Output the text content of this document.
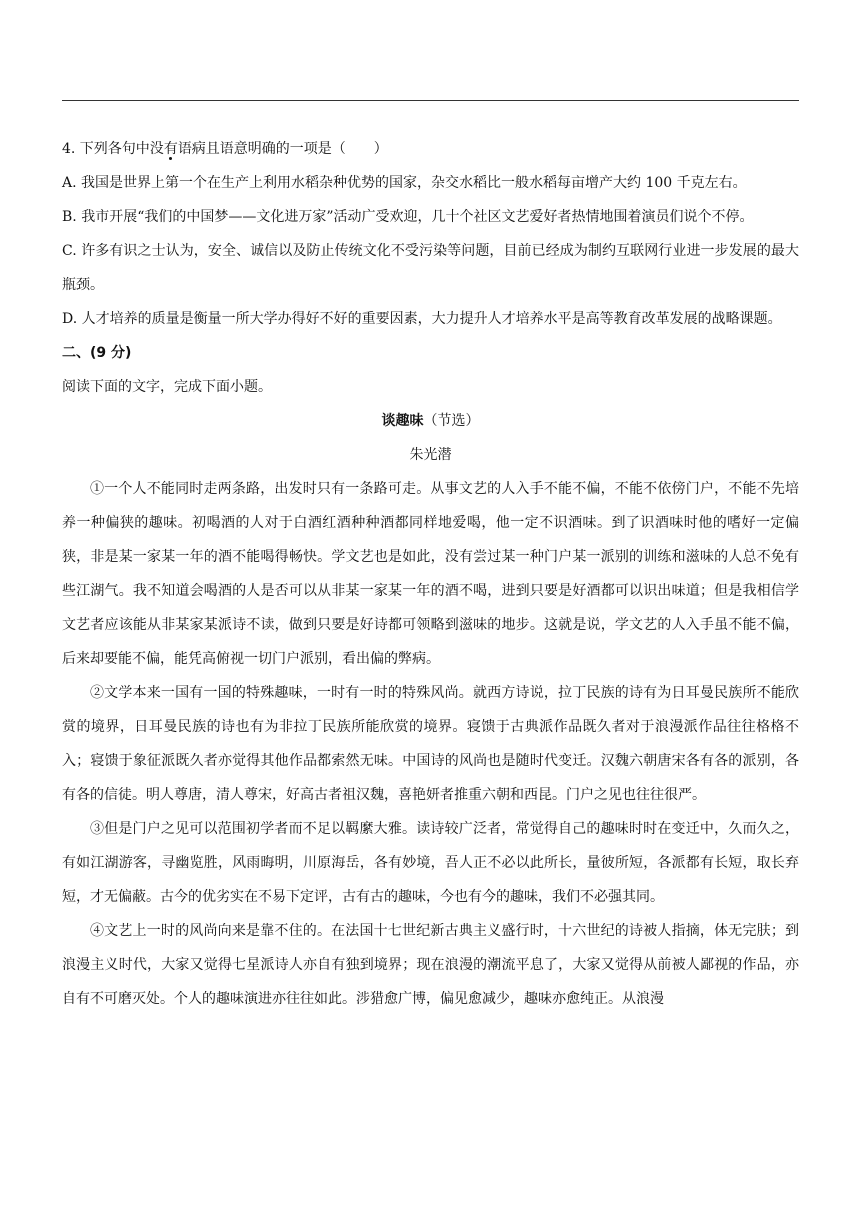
4. 下列各句中没有语病且语意明确的一项是（　　）

A. 我国是世界上第一个在生产上利用水稻杂种优势的国家，杂交水稻比一般水稻每亩增产大约 100 千克左右。

B. 我市开展“我们的中国梦——文化进万家”活动广受欢迎，几十个社区文艺爱好者热情地围着演员们说个不停。

C. 许多有识之士认为，安全、诚信以及防止传统文化不受污染等问题，目前已经成为制约互联网行业进一步发展的最大瓶颈。

D. 人才培养的质量是衡量一所大学办得好不好的重要因素，大力提升人才培养水平是高等教育改革发展的战略课题。

二、(9 分)

阅读下面的文字，完成下面小题。

谈趣味（节选）

朱光潜

①一个人不能同时走两条路，出发时只有一条路可走。从事文艺的人入手不能不偏，不能不依傍门户，不能不先培养一种偏狭的趣味。初喝酒的人对于白酒红酒种种酒都同样地爱喝，他一定不识酒味。到了识酒味时他的嗜好一定偏狭，非是某一家某一年的酒不能喝得畅快。学文艺也是如此，没有尝过某一种门户某一派别的训练和滋味的人总不免有些江湖气。我不知道会喝酒的人是否可以从非某一家某一年的酒不喝，进到只要是好酒都可以识出味道；但是我相信学文艺者应该能从非某家某派诗不读，做到只要是好诗都可领略到滋味的地步。这就是说，学文艺的人入手虽不能不偏，后来却要能不偏，能凭高俯视一切门户派别，看出偏的弊病。

②文学本来一国有一国的特殊趣味，一时有一时的特殊风尚。就西方诗说，拉丁民族的诗有为日耳曼民族所不能欣赏的境界，日耳曼民族的诗也有为非拉丁民族所能欣赏的境界。寝馈于古典派作品既久者对于浪漫派作品往往格格不入；寝馈于象征派既久者亦觉得其他作品都索然无味。中国诗的风尚也是随时代变迁。汉魏六朝唐宋各有各的派别，各有各的信徒。明人尊唐，清人尊宋，好高古者祖汉魏，喜艳妍者推重六朝和西昆。门户之见也往往很严。

③但是门户之见可以范围初学者而不足以羁縻大雅。读诗较广泛者，常觉得自己的趣味时时在变迁中，久而久之，有如江湖游客，寻幽览胜，风雨晦明，川原海岳，各有妙境，吾人正不必以此所长，量彼所短，各派都有长短，取长弃短，才无偏蔽。古今的优劣实在不易下定评，古有古的趣味，今也有今的趣味，我们不必强其同。

④文艺上一时的风尚向来是靠不住的。在法国十七世纪新古典主义盛行时，十六世纪的诗被人指摘，体无完肤；到浪漫主义时代，大家又觉得七星派诗人亦自有独到境界；现在浪漫的潮流平息了，大家又觉得从前被人鄙视的作品，亦自有不可磨灭处。个人的趣味演进亦往往如此。涉猎愈广博，偏见愈减少，趣味亦愈纯正。从浪漫
